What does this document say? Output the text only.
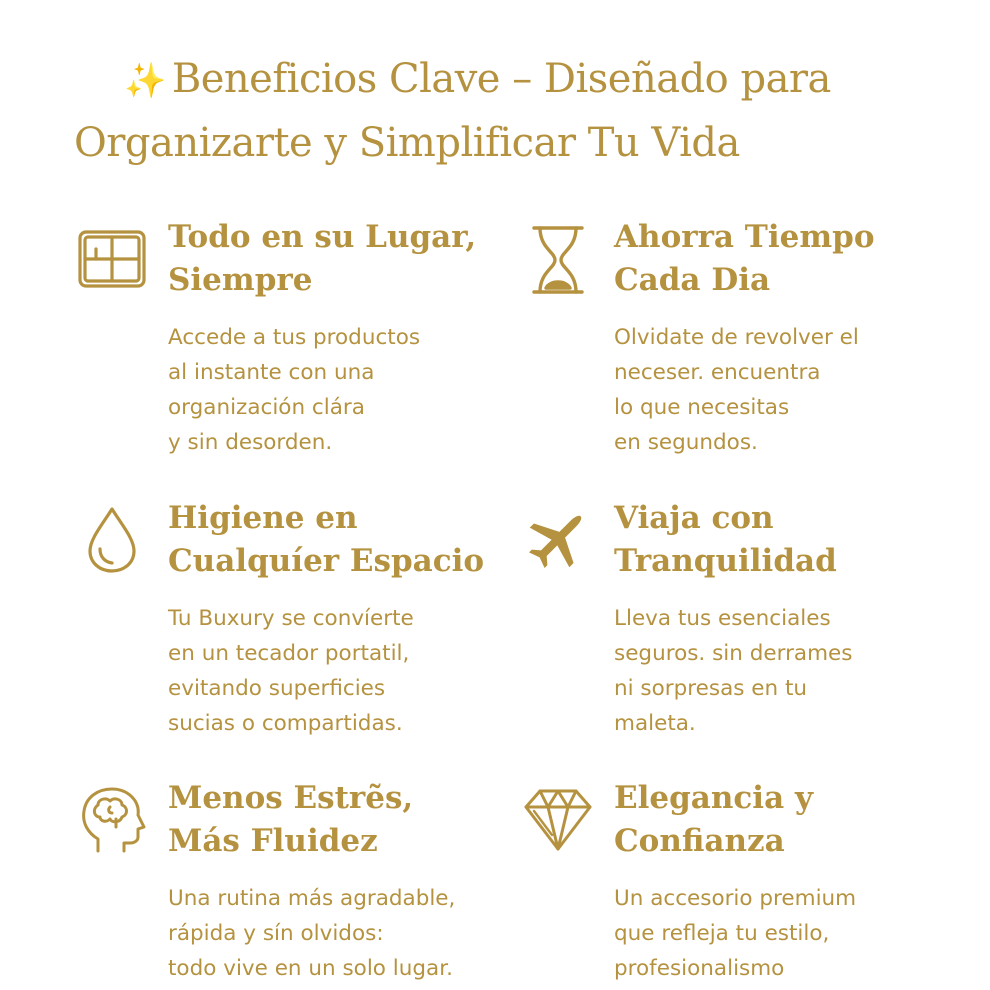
✨ Beneficios Clave – Diseñado para
Organizarte y Simplificar Tu Vida
Todo en su Lugar,
Siempre
Accede a tus productos
al instante con una
organización clára
y sin desorden.
Ahorra Tiempo
Cada Dia
Olvidate de revolver el
neceser. encuentra
lo que necesitas
en segundos.
Higiene en
Cualquíer Espacio
Tu Buxury se convíerte
en un tecador portatil,
evitando superficies
sucias o compartidas.
Viaja con
Tranquilidad
Lleva tus esenciales
seguros. sin derrames
ni sorpresas en tu
maleta.
Menos Estrẽs,
Más Fluidez
Una rutina más agradable,
rápida y sín olvidos:
todo vive en un solo lugar.
Elegancia y
Confianza
Un accesorio premium
que refleja tu estilo,
profesionalismo
